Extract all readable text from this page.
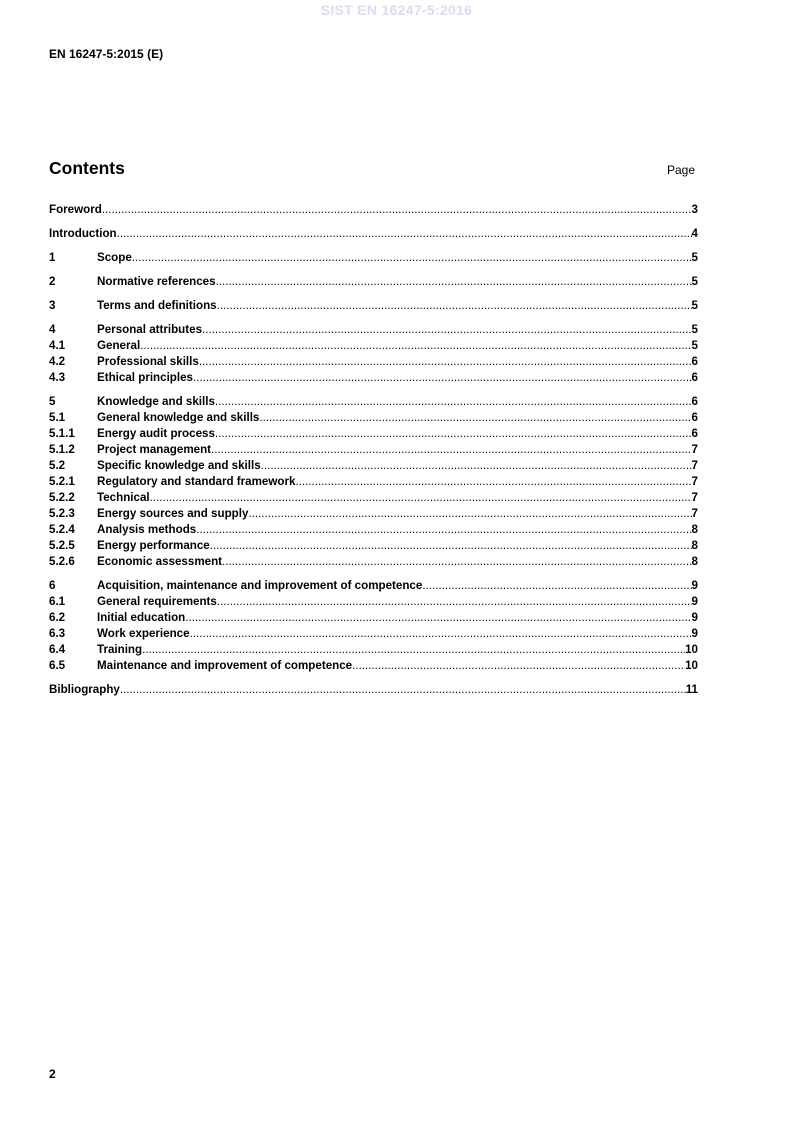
SIST EN 16247-5:2016
EN 16247-5:2015 (E)
Contents	Page
Foreword .....	3
Introduction .....	4
1	Scope .....	5
2	Normative references .....	5
3	Terms and definitions .....	5
4	Personal attributes .....	5
4.1	General .....	5
4.2	Professional skills .....	6
4.3	Ethical principles .....	6
5	Knowledge and skills .....	6
5.1	General knowledge and skills .....	6
5.1.1	Energy audit process .....	6
5.1.2	Project management .....	7
5.2	Specific knowledge and skills .....	7
5.2.1	Regulatory and standard framework .....	7
5.2.2	Technical .....	7
5.2.3	Energy sources and supply .....	7
5.2.4	Analysis methods .....	8
5.2.5	Energy performance .....	8
5.2.6	Economic assessment .....	8
6	Acquisition, maintenance and improvement of competence .....	9
6.1	General requirements .....	9
6.2	Initial education .....	9
6.3	Work experience .....	9
6.4	Training .....	10
6.5	Maintenance and improvement of competence .....	10
Bibliography .....	11
2
